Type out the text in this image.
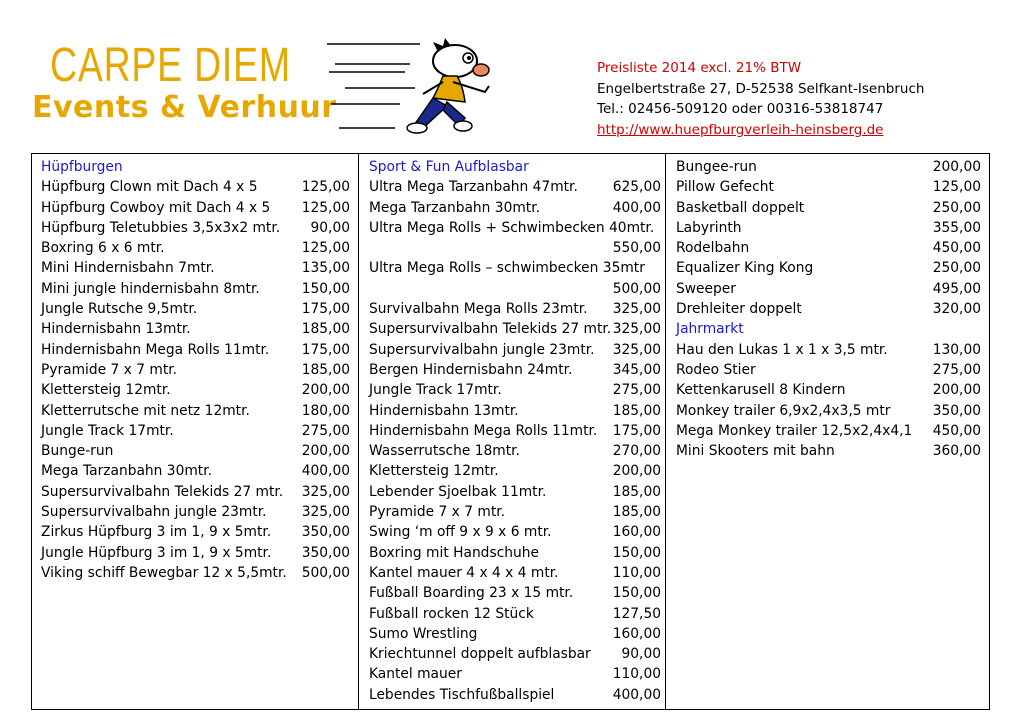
CARPE DIEM
Events & Verhuur
Preisliste 2014 excl. 21% BTW
Engelbertstraße 27, D-52538 Selfkant-Isenbruch
Tel.: 02456-509120 oder 00316-53818747
http://www.huepfburgverleih-heinsberg.de
Hüpfburgen
Hüpfburg Clown mit Dach 4 x 5	125,00
Hüpfburg Cowboy mit Dach 4 x 5 125,00
Hüpfburg Teletubbies 3,5x3x2 mtr. 90,00
Boxring 6 x 6 mtr.	125,00
Mini Hindernisbahn 7mtr.	135,00
Mini jungle hindernisbahn 8mtr.	150,00
Jungle Rutsche 9,5mtr.	175,00
Hindernisbahn 13mtr.	185,00
Hindernisbahn Mega Rolls 11mtr. 175,00
Pyramide 7 x 7 mtr.	185,00
Klettersteig 12mtr.	200,00
Kletterrutsche mit netz 12mtr.	180,00
Jungle Track 17mtr.	275,00
Bunge-run	200,00
Mega Tarzanbahn 30mtr.	400,00
Supersurvivalbahn Telekids 27 mtr. 325,00
Supersurvivalbahn jungle 23mtr.	325,00
Zirkus Hüpfburg 3 im 1, 9 x 5mtr. 350,00
Jungle Hüpfburg 3 im 1, 9 x 5mtr. 350,00
Viking schiff Bewegbar 12 x 5,5mtr. 500,00
Sport & Fun Aufblasbar
Ultra Mega Tarzanbahn 47mtr.	625,00
Mega Tarzanbahn 30mtr.	400,00
Ultra Mega Rolls + Schwimbecken 40mtr.
550,00
Ultra Mega Rolls – schwimbecken 35mtr
500,00
Survivalbahn Mega Rolls 23mtr. 325,00
Supersurvivalbahn Telekids 27 mtr. 325,00
Supersurvivalbahn jungle 23mtr. 325,00
Bergen Hindernisbahn 24mtr.	345,00
Jungle Track 17mtr.	275,00
Hindernisbahn 13mtr.	185,00
Hindernisbahn Mega Rolls 11mtr. 175,00
Wasserrutsche 18mtr.	270,00
Klettersteig 12mtr.	200,00
Lebender Sjoelbak 11mtr.	185,00
Pyramide 7 x 7 mtr.	185,00
Swing ‘m off 9 x 9 x 6 mtr.	160,00
Boxring mit Handschuhe	150,00
Kantel mauer 4 x 4 x 4 mtr.	110,00
Fußball Boarding 23 x 15 mtr.	150,00
Fußball rocken 12 Stück	127,50
Sumo Wrestling	160,00
Kriechtunnel doppelt aufblasbar 90,00
Kantel mauer	110,00
Lebendes Tischfußballspiel	400,00
Bungee-run	200,00
Pillow Gefecht	125,00
Basketball doppelt	250,00
Labyrinth	355,00
Rodelbahn	450,00
Equalizer King Kong	250,00
Sweeper	495,00
Drehleiter doppelt	320,00
Jahrmarkt
Hau den Lukas 1 x 1 x 3,5 mtr.	130,00
Rodeo Stier	275,00
Kettenkarusell 8 Kindern	200,00
Monkey trailer 6,9x2,4x3,5 mtr	350,00
Mega Monkey trailer 12,5x2,4x4,1 450,00
Mini Skooters mit bahn	360,00
